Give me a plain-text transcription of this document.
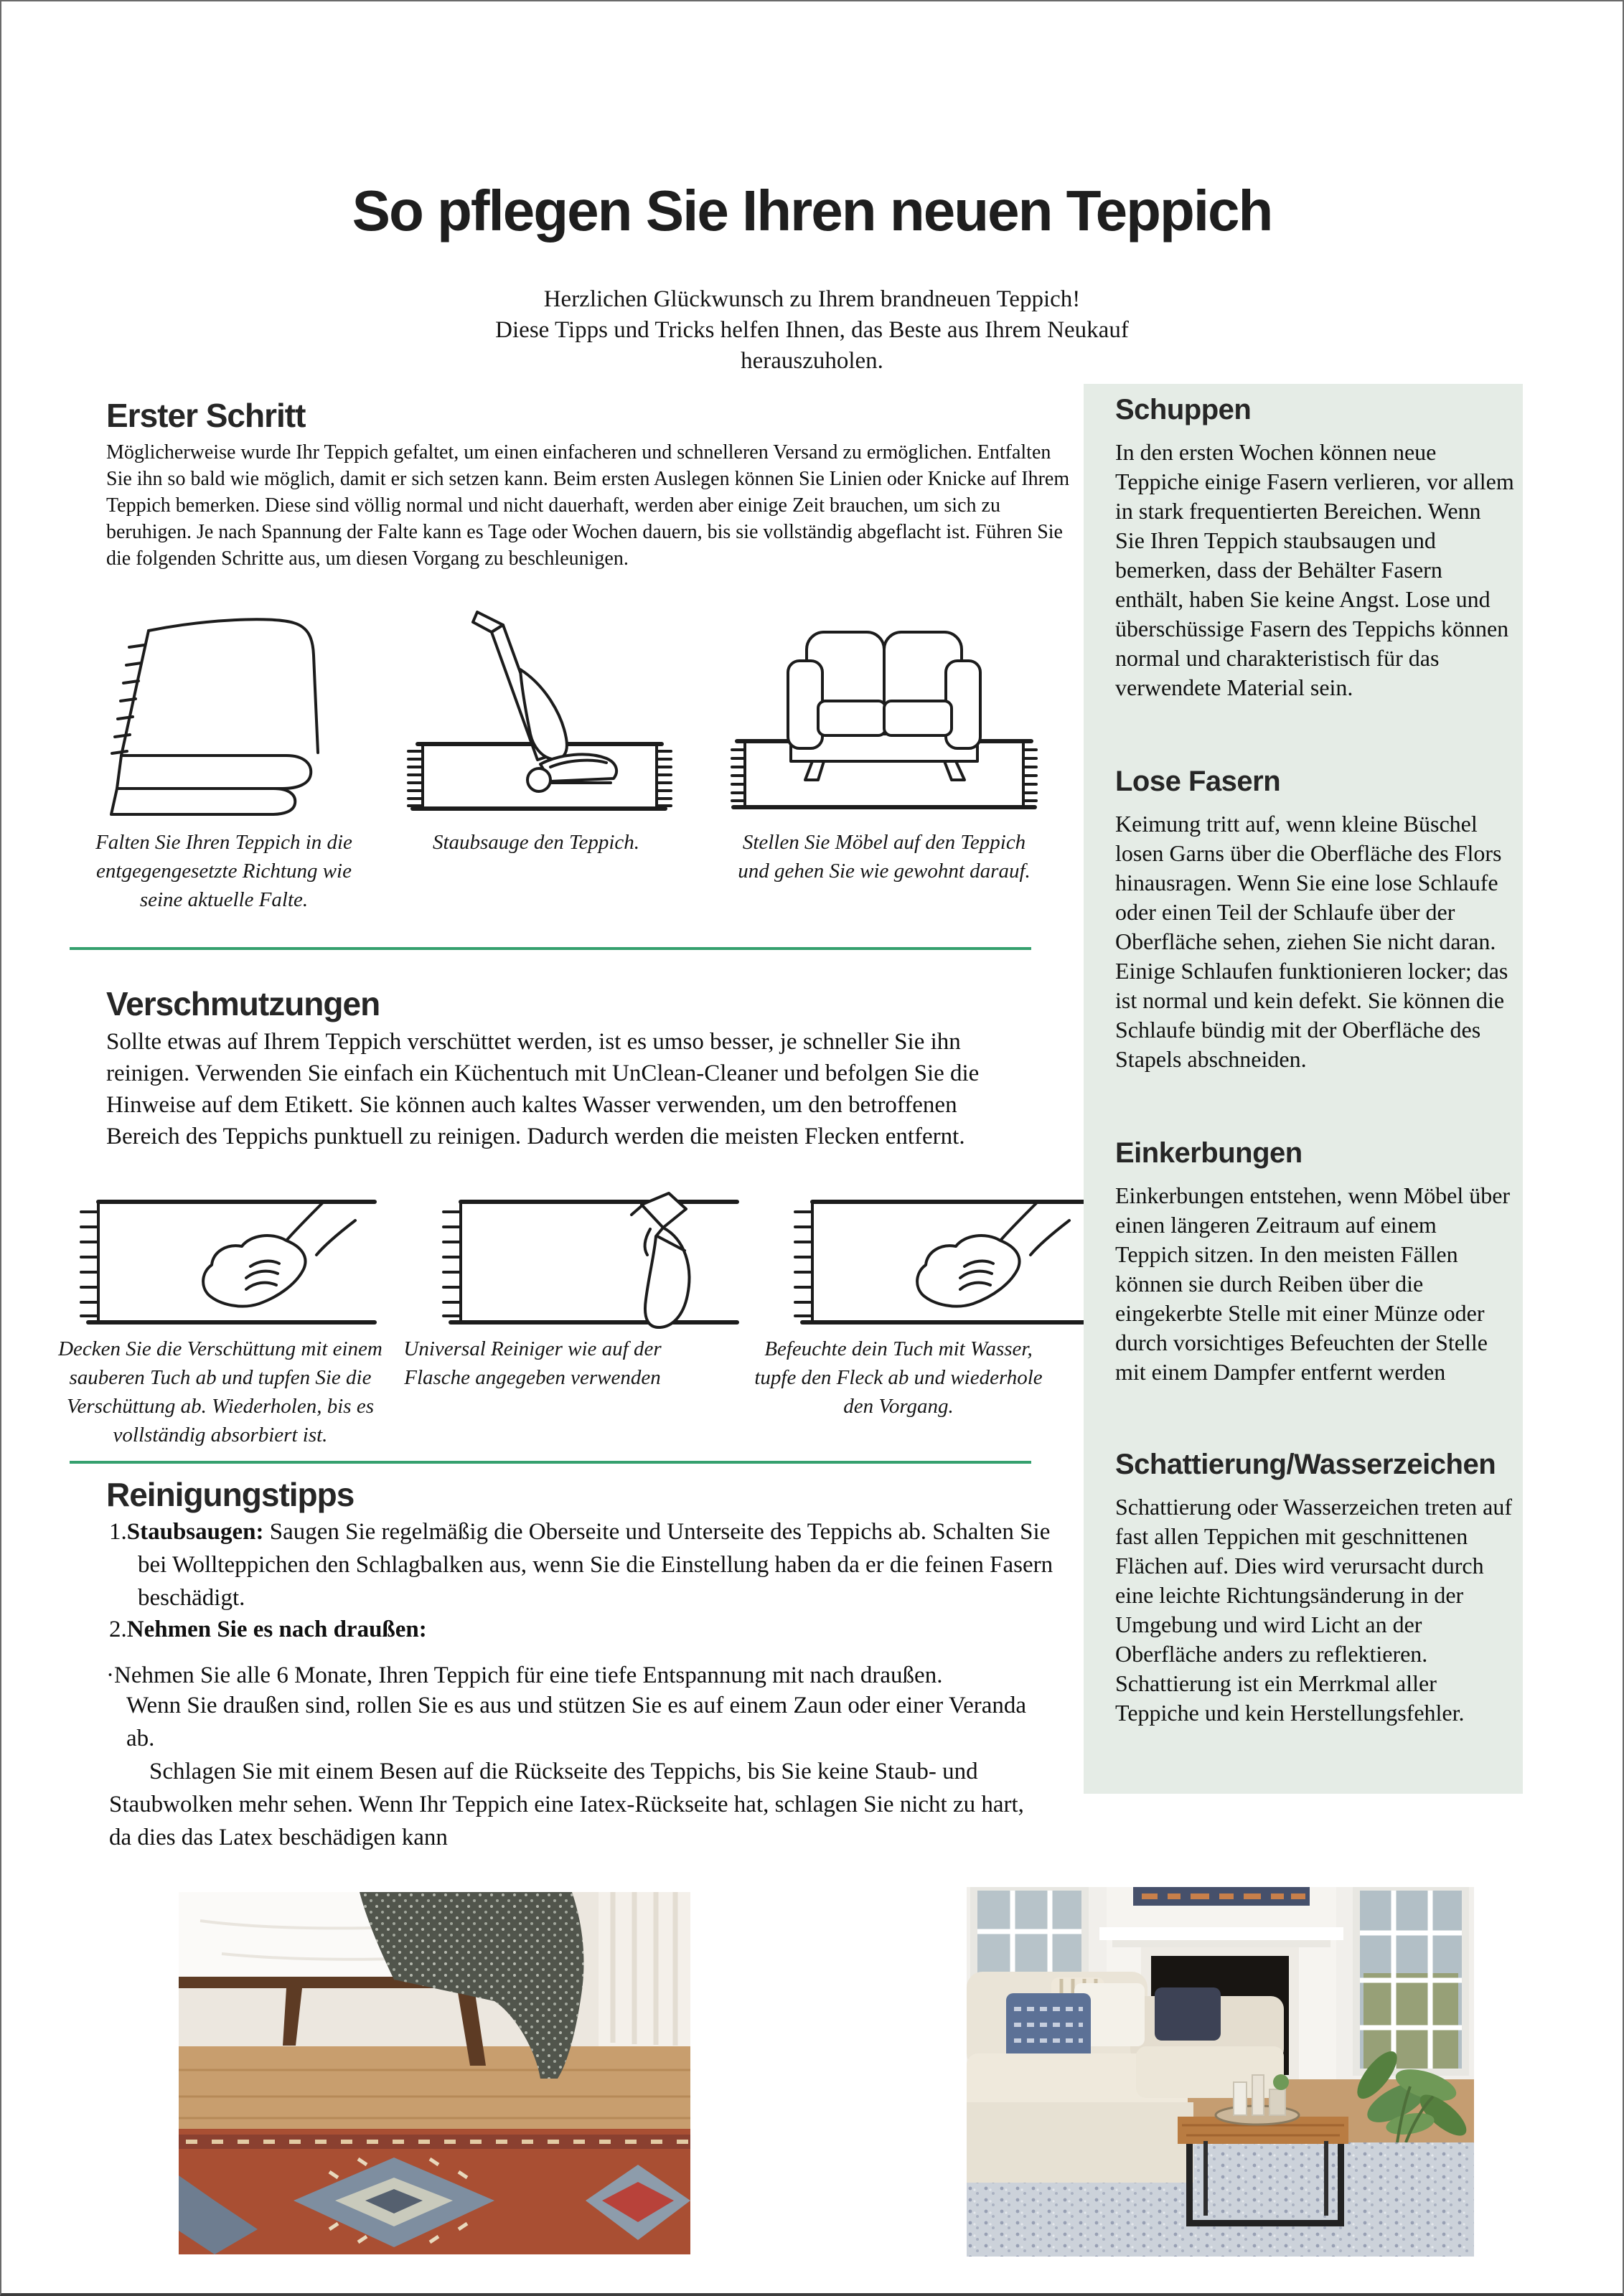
So pflegen Sie Ihren neuen Teppich
Herzlichen Glückwunsch zu Ihrem brandneuen Teppich!
Diese Tipps und Tricks helfen Ihnen, das Beste aus Ihrem Neukauf
herauszuholen.
Erster Schritt
Möglicherweise wurde Ihr Teppich gefaltet, um einen einfacheren und schnelleren Versand zu ermöglichen. Entfalten Sie ihn so bald wie möglich, damit er sich setzen kann. Beim ersten Auslegen können Sie Linien oder Knicke auf Ihrem Teppich bemerken. Diese sind völlig normal und nicht dauerhaft, werden aber einige Zeit brauchen, um sich zu beruhigen. Je nach Spannung der Falte kann es Tage oder Wochen dauern, bis sie vollständig abgeflacht ist. Führen Sie die folgenden Schritte aus, um diesen Vorgang zu beschleunigen.
Falten Sie Ihren Teppich in die entgegengesetzte Richtung wie seine aktuelle Falte.
Staubsauge den Teppich.	Stellen Sie Möbel auf den Teppich und gehen Sie wie gewohnt darauf.
Verschmutzungen
Sollte etwas auf Ihrem Teppich verschüttet werden, ist es umso besser, je schneller Sie ihn reinigen. Verwenden Sie einfach ein Küchentuch mit UnClean-Cleaner und befolgen Sie die Hinweise auf dem Etikett. Sie können auch kaltes Wasser verwenden, um den betroffenen Bereich des Teppichs punktuell zu reinigen. Dadurch werden die meisten Flecken entfernt.
Decken Sie die Verschüttung mit einem sauberen Tuch ab und tupfen Sie die Verschüttung ab. Wiederholen, bis es vollständig absorbiert ist.
Universal Reiniger wie auf der Flasche angegeben verwenden
Befeuchte dein Tuch mit Wasser, tupfe den Fleck ab und wiederhole den Vorgang.
Reinigungstipps
1.Staubsaugen: Saugen Sie regelmäßig die Oberseite und Unterseite des Teppichs ab. Schalten Sie bei Wollteppichen den Schlagbalken aus, wenn Sie die Einstellung haben da er die feinen Fasern beschädigt.
2.Nehmen Sie es nach draußen:
·Nehmen Sie alle 6 Monate, Ihren Teppich für eine tiefe Entspannung mit nach draußen.
Wenn Sie draußen sind, rollen Sie es aus und stützen Sie es auf einem Zaun oder einer Veranda ab.
Schlagen Sie mit einem Besen auf die Rückseite des Teppichs, bis Sie keine Staub- und Staubwolken mehr sehen. Wenn Ihr Teppich eine Iatex-Rückseite hat, schlagen Sie nicht zu hart, da dies das Latex beschädigen kann
Schuppen

In den ersten Wochen können neue Teppiche einige Fasern verlieren, vor allem in stark frequentierten Bereichen. Wenn Sie Ihren Teppich staubsaugen und bemerken, dass der Behälter Fasern enthält, haben Sie keine Angst. Lose und überschüssige Fasern des Teppichs können normal und charakteristisch für das verwendete Material sein.

Lose Fasern

Keimung tritt auf, wenn kleine Büschel losen Garns über die Oberfläche des Flors hinausragen. Wenn Sie eine lose Schlaufe oder einen Teil der Schlaufe über der Oberfläche sehen, ziehen Sie nicht daran. Einige Schlaufen funktionieren locker; das ist normal und kein defekt. Sie können die Schlaufe bündig mit der Oberfläche des Stapels abschneiden.

Einkerbungen

Einkerbungen entstehen, wenn Möbel über einen längeren Zeitraum auf einem Teppich sitzen. In den meisten Fällen können sie durch Reiben über die eingekerbte Stelle mit einer Münze oder durch vorsichtiges Befeuchten der Stelle mit einem Dampfer entfernt werden

Schattierung/Wasserzeichen

Schattierung oder Wasserzeichen treten auf fast allen Teppichen mit geschnittenen Flächen auf. Dies wird verursacht durch eine leichte Richtungsänderung in der Umgebung und wird Licht an der Oberfläche anders zu reflektieren. Schattierung ist ein Merrkmal aller Teppiche und kein Herstellungsfehler.
